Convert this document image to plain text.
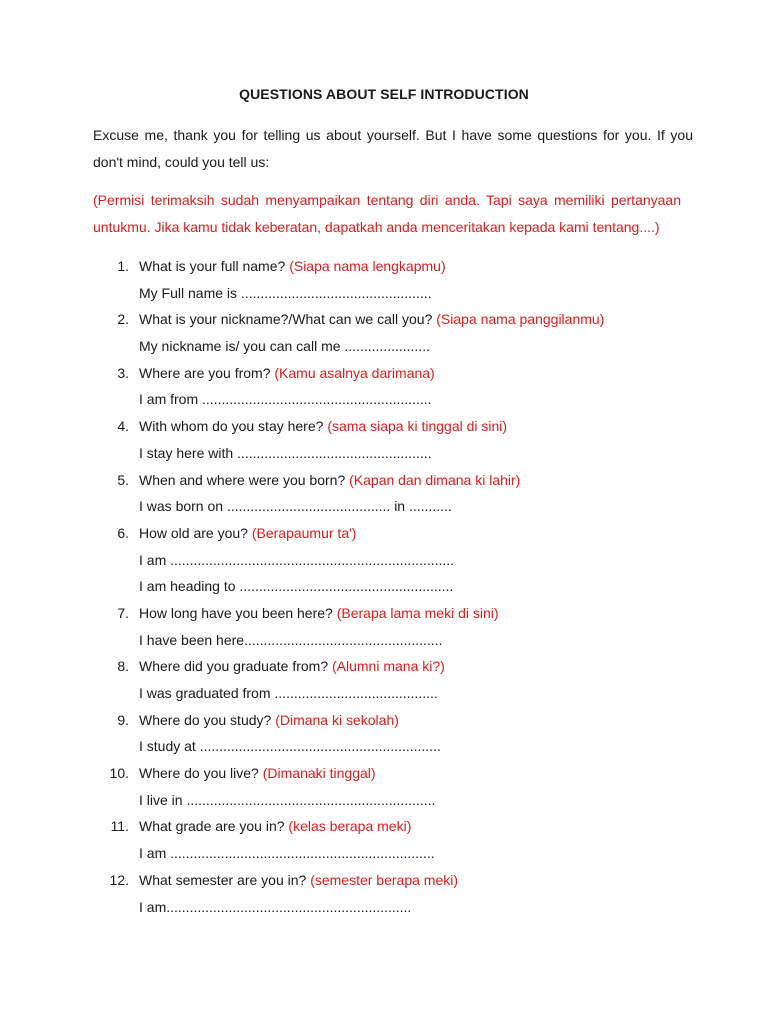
QUESTIONS ABOUT SELF INTRODUCTION
Excuse me, thank you for telling us about yourself. But I have some questions for you. If you don't mind, could you tell us:
(Permisi terimaksih sudah menyampaikan tentang diri anda. Tapi saya memiliki pertanyaan untukmu. Jika kamu tidak keberatan, dapatkah anda menceritakan kepada kami tentang....)
1. What is your full name? (Siapa nama lengkapmu)
My Full name is .................................................
2. What is your nickname?/What can we call you? (Siapa nama panggilanmu)
My nickname is/ you can call me ......................
3. Where are you from? (Kamu asalnya darimana)
I am from ...........................................................
4. With whom do you stay here? (sama siapa ki tinggal di sini)
I stay here with ..................................................
5. When and where were you born? (Kapan dan dimana ki lahir)
I was born on .......................................... in ...........
6. How old are you? (Berapaumur ta')
I am .........................................................................
I am heading to .......................................................
7. How long have you been here? (Berapa lama meki di sini)
I have been here...................................................
8. Where did you graduate from? (Alumni mana ki?)
I was graduated from ..........................................
9. Where do you study? (Dimana ki sekolah)
I study at ..............................................................
10. Where do you live? (Dimanaki tinggal)
I live in ................................................................
11. What grade are you in? (kelas berapa meki)
I am ....................................................................
12. What semester are you in? (semester berapa meki)
I am...............................................................
